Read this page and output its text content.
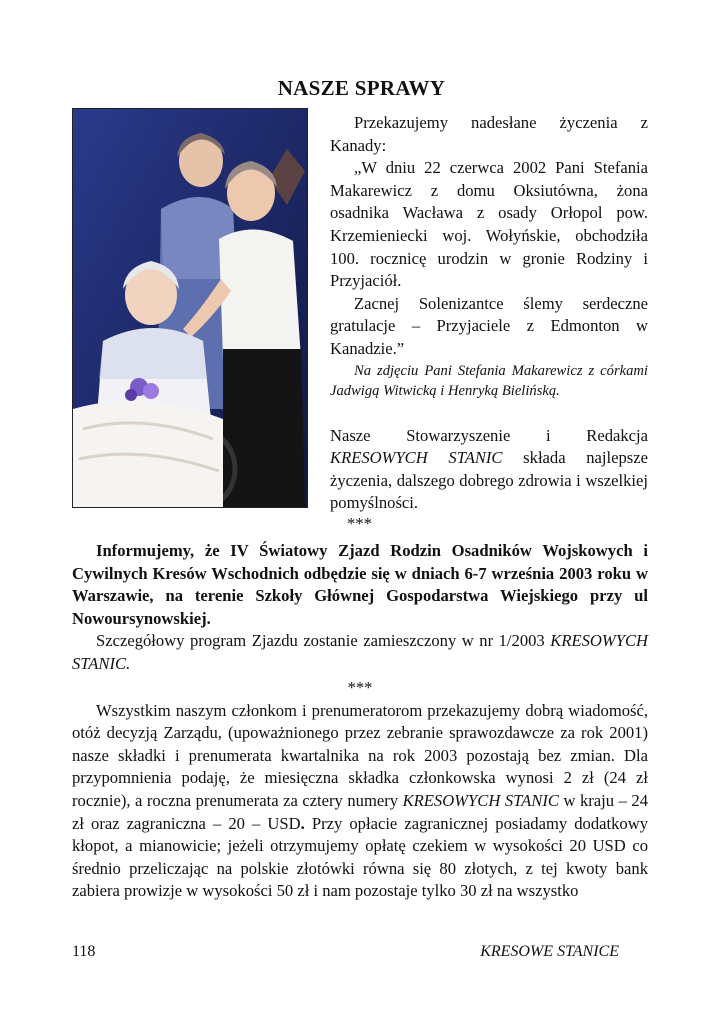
NASZE SPRAWY

Przekazujemy nadesłane życzenia z Kanady:

„W dniu 22 czerwca 2002 Pani Stefania Makarewicz z domu Oksiutówna, żona osadnika Wacława z osady Orłopol pow. Krzemieniecki woj. Wołyńskie, obchodziła 100. rocznicę urodzin w gronie Rodziny i Przyjaciół.

Zacnej Solenizantce ślemy serdeczne gratulacje – Przyjaciele z Edmonton w Kanadzie.”

Na zdjęciu Pani Stefania Makarewicz z córkami Jadwigą Witwicką i Henryką Bielińską.

Nasze Stowarzyszenie i Redakcja KRESOWYCH STANIC składa najlepsze życzenia, dalszego dobrego zdrowia i wszelkiej pomyślności.

***

Informujemy, że IV Światowy Zjazd Rodzin Osadników Wojskowych i Cywilnych Kresów Wschodnich odbędzie się w dniach 6-7 września 2003 roku w Warszawie, na terenie Szkoły Głównej Gospodarstwa Wiejskiego przy ul Nowoursynowskiej.

Szczegółowy program Zjazdu zostanie zamieszczony w nr 1/2003 KRESOWYCH STANIC.

***

Wszystkim naszym członkom i prenumeratorom przekazujemy dobrą wiadomość, otóż decyzją Zarządu, (upoważnionego przez zebranie sprawozdawcze za rok 2001) nasze składki i prenumerata kwartalnika na rok 2003 pozostają bez zmian. Dla przypomnienia podaję, że miesięczna składka członkowska wynosi 2 zł (24 zł rocznie), a roczna prenumerata za cztery numery KRESOWYCH STANIC w kraju – 24 zł oraz zagraniczna – 20 – USD. Przy opłacie zagranicznej posiadamy dodatkowy kłopot, a mianowicie; jeżeli otrzymujemy opłatę czekiem w wysokości 20 USD co średnio przeliczając na polskie złotówki równa się 80 złotych, z tej kwoty bank zabiera prowizje w wysokości 50 zł i nam pozostaje tylko 30 zł na wszystko

118	KRESOWE STANICE
